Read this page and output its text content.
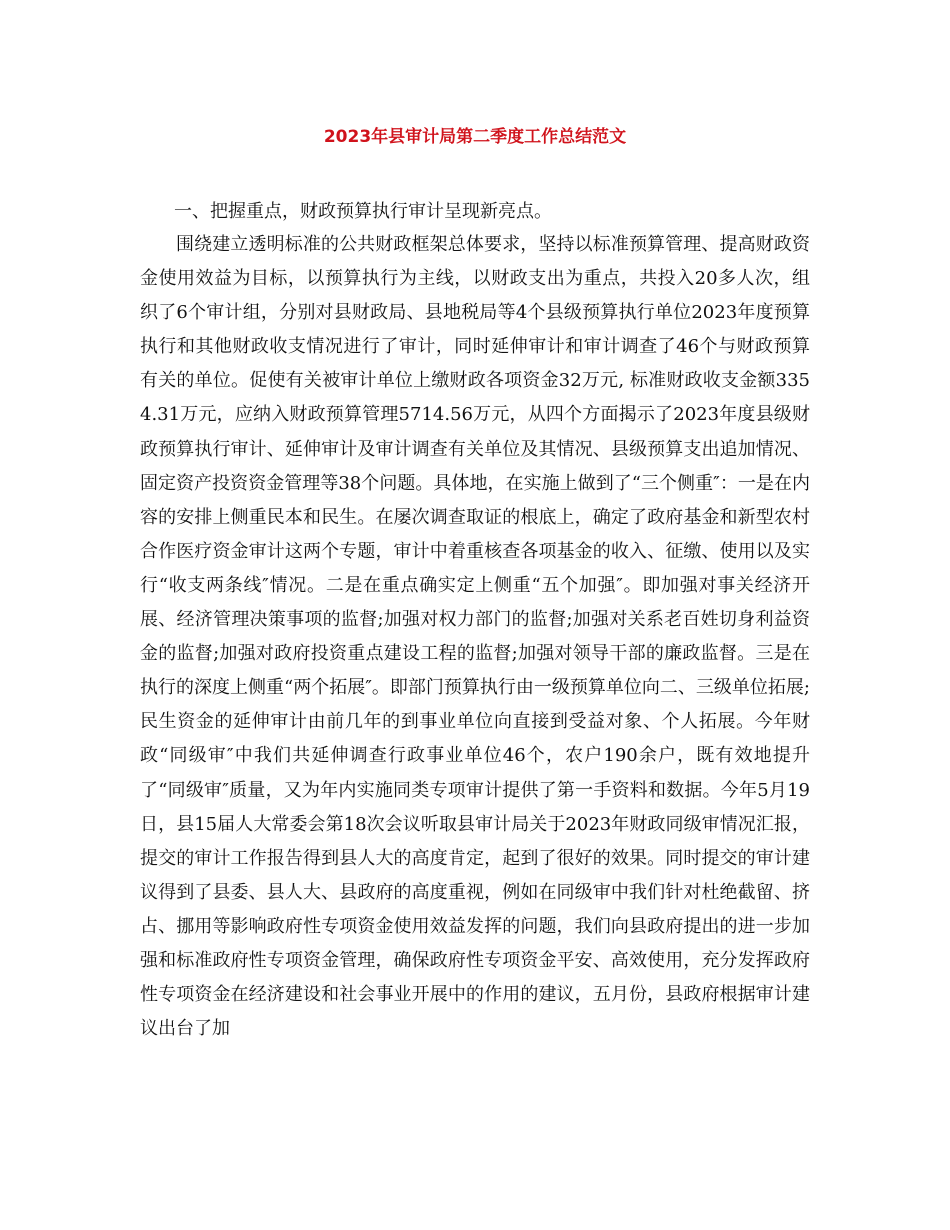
2023年县审计局第二季度工作总结范文

一、把握重点，财政预算执行审计呈现新亮点。

围绕建立透明标准的公共财政框架总体要求，坚持以标准预算管理、提高财政资金使用效益为目标，以预算执行为主线，以财政支出为重点，共投入20多人次，组织了6个审计组，分别对县财政局、县地税局等4个县级预算执行单位2023年度预算执行和其他财政收支情况进行了审计，同时延伸审计和审计调查了46个与财政预算有关的单位。促使有关被审计单位上缴财政各项资金32万元, 标准财政收支金额3354.31万元，应纳入财政预算管理5714.56万元，从四个方面揭示了2023年度县级财政预算执行审计、延伸审计及审计调查有关单位及其情况、县级预算支出追加情况、固定资产投资资金管理等38个问题。具体地，在实施上做到了“三个侧重″：一是在内容的安排上侧重民本和民生。在屡次调查取证的根底上，确定了政府基金和新型农村合作医疗资金审计这两个专题，审计中着重核查各项基金的收入、征缴、使用以及实行“收支两条线″情况。二是在重点确实定上侧重“五个加强″。即加强对事关经济开展、经济管理决策事项的监督;加强对权力部门的监督;加强对关系老百姓切身利益资金的监督;加强对政府投资重点建设工程的监督;加强对领导干部的廉政监督。三是在执行的深度上侧重“两个拓展″。即部门预算执行由一级预算单位向二、三级单位拓展;民生资金的延伸审计由前几年的到事业单位向直接到受益对象、个人拓展。今年财政“同级审″中我们共延伸调查行政事业单位46个，农户190余户，既有效地提升了“同级审″质量，又为年内实施同类专项审计提供了第一手资料和数据。今年5月19日，县15届人大常委会第18次会议听取县审计局关于2023年财政同级审情况汇报，提交的审计工作报告得到县人大的高度肯定，起到了很好的效果。同时提交的审计建议得到了县委、县人大、县政府的高度重视，例如在同级审中我们针对杜绝截留、挤占、挪用等影响政府性专项资金使用效益发挥的问题，我们向县政府提出的进一步加强和标准政府性专项资金管理，确保政府性专项资金平安、高效使用，充分发挥政府性专项资金在经济建设和社会事业开展中的作用的建议，五月份，县政府根据审计建议出台了加
